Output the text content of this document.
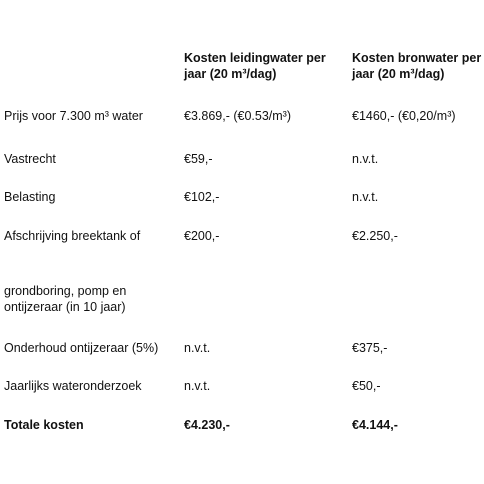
Kosten leidingwater per
jaar (20 m³/dag)
Kosten bronwater per
jaar (20 m³/dag)
Prijs voor 7.300 m³ water	€3.869,- (€0.53/m³)	€1460,- (€0,20/m³)
Vastrecht	€59,-	n.v.t.
Belasting	€102,-	n.v.t.
Afschrijving breektank of	€200,-	€2.250,-
grondboring, pomp en
ontijzeraar (in 10 jaar)
Onderhoud ontijzeraar (5%)	n.v.t.	€375,-
Jaarlijks wateronderzoek	n.v.t.	€50,-
Totale kosten	€4.230,-	€4.144,-
